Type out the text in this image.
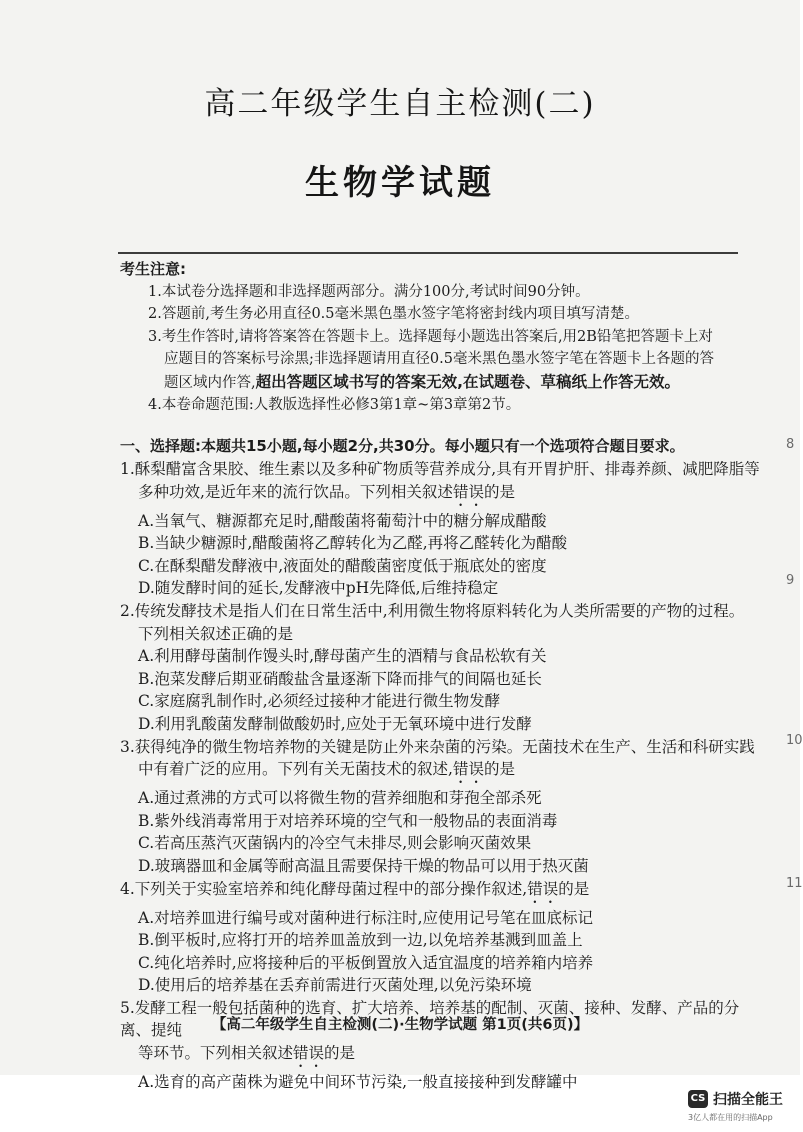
高二年级学生自主检测(二)
生物学试题
考生注意:
1.本试卷分选择题和非选择题两部分。满分100分,考试时间90分钟。
2.答题前,考生务必用直径0.5毫米黑色墨水签字笔将密封线内项目填写清楚。
3.考生作答时,请将答案答在答题卡上。选择题每小题选出答案后,用2B铅笔把答题卡上对
应题目的答案标号涂黑;非选择题请用直径0.5毫米黑色墨水签字笔在答题卡上各题的答
题区域内作答,超出答题区域书写的答案无效,在试题卷、草稿纸上作答无效。
4.本卷命题范围:人教版选择性必修3第1章~第3章第2节。
一、选择题:本题共15小题,每小题2分,共30分。每小题只有一个选项符合题目要求。
1.酥梨醋富含果胶、维生素以及多种矿物质等营养成分,具有开胃护肝、排毒养颜、减肥降脂等
多种功效,是近年来的流行饮品。下列相关叙述错误的是
A.当氧气、糖源都充足时,醋酸菌将葡萄汁中的糖分解成醋酸
B.当缺少糖源时,醋酸菌将乙醇转化为乙醛,再将乙醛转化为醋酸
C.在酥梨醋发酵液中,液面处的醋酸菌密度低于瓶底处的密度
D.随发酵时间的延长,发酵液中pH先降低,后维持稳定
2.传统发酵技术是指人们在日常生活中,利用微生物将原料转化为人类所需要的产物的过程。
下列相关叙述正确的是
A.利用酵母菌制作馒头时,酵母菌产生的酒精与食品松软有关
B.泡菜发酵后期亚硝酸盐含量逐渐下降而排气的间隔也延长
C.家庭腐乳制作时,必须经过接种才能进行微生物发酵
D.利用乳酸菌发酵制做酸奶时,应处于无氧环境中进行发酵
3.获得纯净的微生物培养物的关键是防止外来杂菌的污染。无菌技术在生产、生活和科研实践
中有着广泛的应用。下列有关无菌技术的叙述,错误的是
A.通过煮沸的方式可以将微生物的营养细胞和芽孢全部杀死
B.紫外线消毒常用于对培养环境的空气和一般物品的表面消毒
C.若高压蒸汽灭菌锅内的冷空气未排尽,则会影响灭菌效果
D.玻璃器皿和金属等耐高温且需要保持干燥的物品可以用于热灭菌
4.下列关于实验室培养和纯化酵母菌过程中的部分操作叙述,错误的是
A.对培养皿进行编号或对菌种进行标注时,应使用记号笔在皿底标记
B.倒平板时,应将打开的培养皿盖放到一边,以免培养基溅到皿盖上
C.纯化培养时,应将接种后的平板倒置放入适宜温度的培养箱内培养
D.使用后的培养基在丢弃前需进行灭菌处理,以免污染环境
5.发酵工程一般包括菌种的选育、扩大培养、培养基的配制、灭菌、接种、发酵、产品的分离、提纯
等环节。下列相关叙述错误的是
A.选育的高产菌株为避免中间环节污染,一般直接接种到发酵罐中
【高二年级学生自主检测(二)·生物学试题 第1页(共6页)】
8
9
10
11
CS 扫描全能王
3亿人都在用的扫描App
